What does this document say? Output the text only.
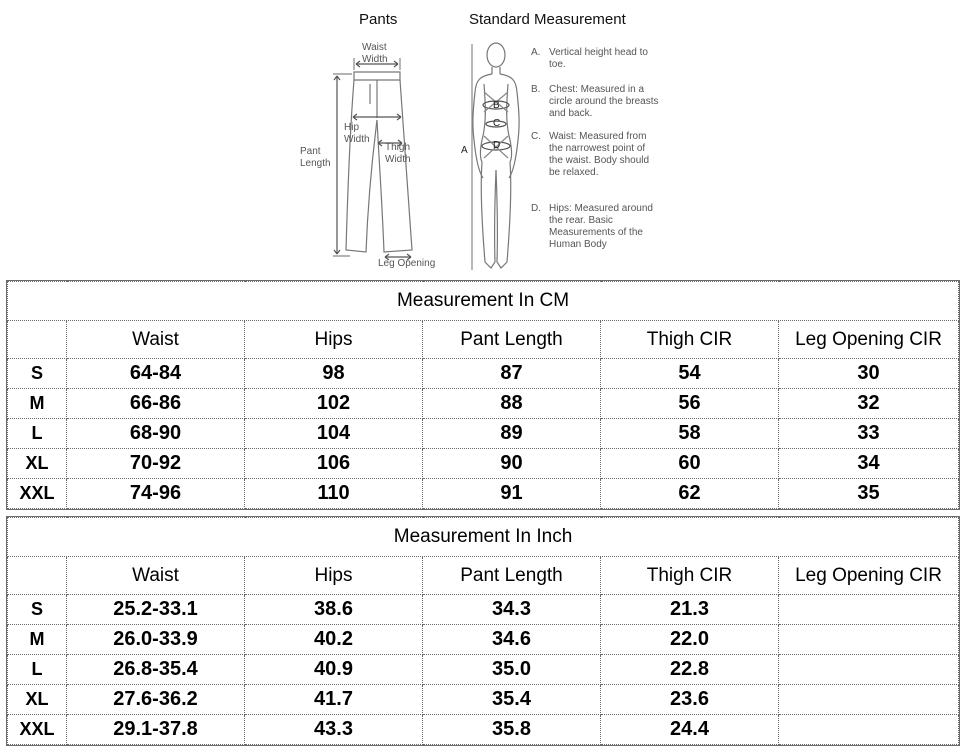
Pants	Standard Measurement
Waist
Width
Hip
Width
Pant
Length
Thigh
Width
Leg Opening
A
B
C
D
A. Vertical height head to toe.
B. Chest: Measured in a circle around the breasts and back.
C. Waist: Measured from the narrowest point of the waist. Body should be relaxed.
D. Hips: Measured around the rear. Basic Measurements of the Human Body
Measurement In CM					
	Waist	Hips	Pant Length	Thigh CIR	Leg Opening CIR
S	64-84	98	87	54	30
M	66-86	102	88	56	32
L	68-90	104	89	58	33
XL	70-92	106	90	60	34
XXL	74-96	110	91	62	35
Measurement In Inch					
	Waist	Hips	Pant Length	Thigh CIR	Leg Opening CIR
S	25.2-33.1	38.6	34.3	21.3	
M	26.0-33.9	40.2	34.6	22.0	
L	26.8-35.4	40.9	35.0	22.8	
XL	27.6-36.2	41.7	35.4	23.6	
XXL	29.1-37.8	43.3	35.8	24.4	
